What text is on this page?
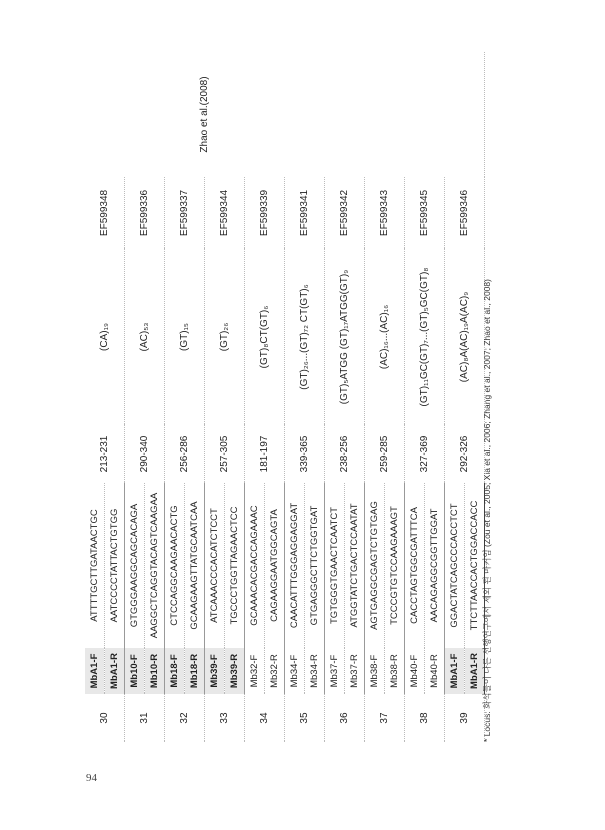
30	MbA1-F	ATTTTGCTTGATAACTGC	213-231	(CA)₁₉	EF599348	Zhao et al.(2008)
	MbA1-R	AATCCCCTATTACTGTGG				
31	Mb10-F	GTGGGAAGGCAGCACAGA	290-340	(AC)₅₃	EF599336	
	Mb10-R	AAGGCTCAGGTACAGTCAAGAA				
32	Mb18-F	CTCCAGGCAAGAACACTG	256-286	(GT)₁₅	EF599337	
	Mb18-R	GCAAGAAGTTATGCAATCAA				
33	Mb39-F	ATCAAACCCACATCTCCT	257-305	(GT)₂₆	EF599344	
	Mb39-R	TGCCCTGGTTAGAACTCC				
34	Mb32-F	GCAAACACGACCAGAAAC	181-197	(GT)₈CT(GT)₆	EF599339	
	Mb32-R	CAGAAGGAATGGCAGTA				
35	Mb34-F	CAACATTTGGGAGGAGGAT	339-365	(GT)₂₆...(GT)₇₂ CT(GT)₆	EF599341	
	Mb34-R	GTGAGGGCTTCTGGTGAT				
36	Mb37-F	TGTGGGTGAACTCAATCT	238-256	(GT)₅ATGG (GT)₁₇ATGG(GT)₉	EF599342	
	Mb37-R	ATGGTATCTGACTCCAATAT				
37	Mb38-F	AGTGAGGCGAGTCTGTGAG	259-285	(AC)₁₆...(AC)₁₆	EF599343	
	Mb38-R	TCCCGTGTCCAAGAAAGT				
38	Mb40-F	CACCTAGTGGCGATTTCA	327-369	(GT)₁₁GC(GT)₇...(GT)₅GC(GT)₈	EF599345	
	Mb40-R	AACAGAGGCGGTTGGAT				
39	MbA1-F	GGACTATCAGCCCACCTCT	292-326	(AC)₈A(AC)₁₉A(AC)₉	EF599346	
	MbA1-R	TTCTTAACCACTGGACCACC				* Locus: 화석들이 다른 선행연구에서 제외 된 마커임 (Zou et al., 2005; Xia et al., 2006; Zhang et al., 2007; Zhao et al., 2008)
94
